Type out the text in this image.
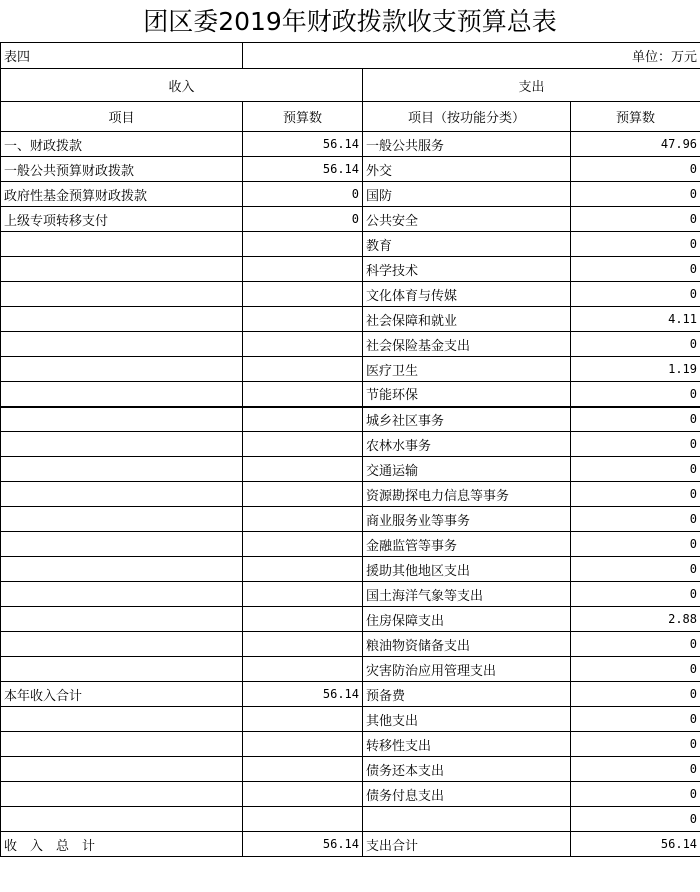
团区委2019年财政拨款收支预算总表
表四	单位：万元		
收入		支出	
项目	预算数	项目（按功能分类）	预算数
一、财政拨款	56.14	一般公共服务	47.96
一般公共预算财政拨款	56.14	外交	0
政府性基金预算财政拨款	0	国防	0
上级专项转移支付	0	公共安全	0
		教育	0
		科学技术	0
		文化体育与传媒	0
		社会保障和就业	4.11
		社会保险基金支出	0
		医疗卫生	1.19
		节能环保	0
		城乡社区事务	0
		农林水事务	0
		交通运输	0
		资源勘探电力信息等事务	0
		商业服务业等事务	0
		金融监管等事务	0
		援助其他地区支出	0
		国土海洋气象等支出	0
		住房保障支出	2.88
		粮油物资储备支出	0
		灾害防治应用管理支出	0
本年收入合计	56.14	预备费	0
		其他支出	0
		转移性支出	0
		债务还本支出	0
		债务付息支出	0
			0
收　入　总　计	56.14	支出合计	56.14
